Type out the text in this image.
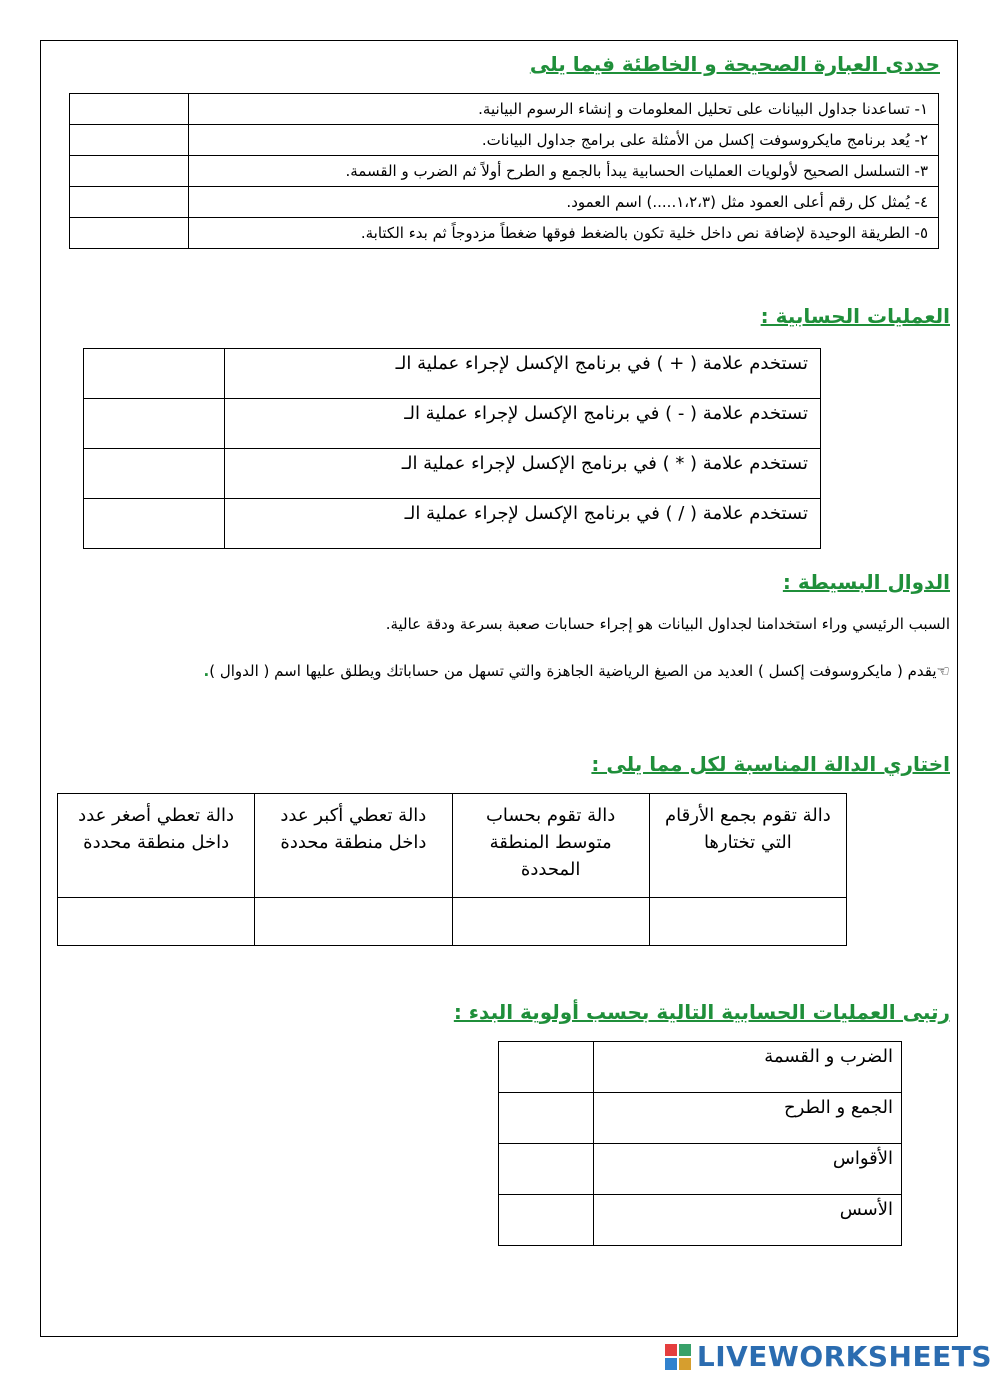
حددى العبارة الصحيحة و الخاطئة فيما يلى
	١- تساعدنا جداول البيانات على تحليل المعلومات و إنشاء الرسوم البيانية.
	٢- يُعد برنامج مايكروسوفت إكسل من الأمثلة على برامج جداول البيانات.
	٣- التسلسل الصحيح لأولويات العمليات الحسابية يبدأ بالجمع و الطرح أولاً ثم الضرب و القسمة.
	٤- يُمثل كل رقم أعلى العمود مثل (١،٢،٣.....) اسم العمود.
	٥- الطريقة الوحيدة لإضافة نص داخل خلية تكون بالضغط فوقها ضغطاً مزدوجاً ثم بدء الكتابة.
العمليات الحسابية :
	تستخدم علامة ( + ) في برنامج الإكسل لإجراء عملية الـ
	تستخدم علامة ( - ) في برنامج الإكسل لإجراء عملية الـ
	تستخدم علامة ( * ) في برنامج الإكسل لإجراء عملية الـ
	تستخدم علامة ( / ) في برنامج الإكسل لإجراء عملية الـ
الدوال البسيطة :
السبب الرئيسي وراء استخدامنا لجداول البيانات هو إجراء حسابات صعبة بسرعة ودقة عالية.
☜يقدم ( مايكروسوفت إكسل ) العديد من الصيغ الرياضية الجاهزة والتي تسهل من حساباتك ويطلق عليها اسم ( الدوال ).
اختاري الدالة المناسبة لكل مما يلى :
دالة تقوم بجمع الأرقام التي تختارها	دالة تقوم بحساب متوسط المنطقة المحددة	دالة تعطي أكبر عدد داخل منطقة محددة	دالة تعطي أصغر عدد داخل منطقة محددة

رتبى العمليات الحسابية التالية بحسب أولوية البدء :
	الضرب و القسمة
	الجمع و الطرح
	الأقواس
	الأسس
LIVEWORKSHEETS
